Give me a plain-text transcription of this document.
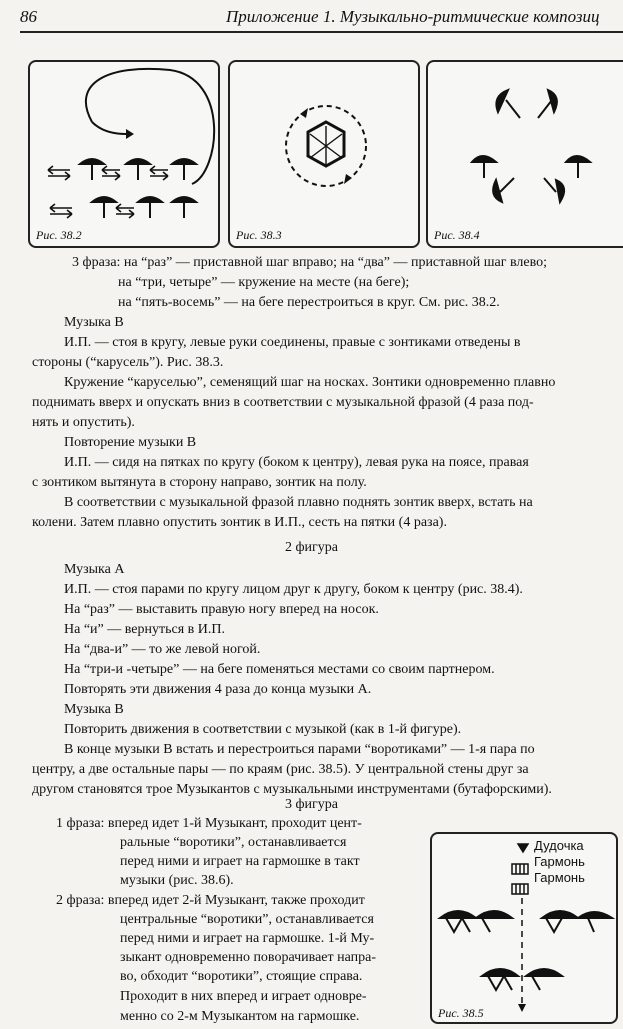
86	Приложение 1. Музыкально-ритмические композиц
Рис. 38.2	Рис. 38.3	Рис. 38.4
3 фраза: на “раз” — приставной шаг вправо; на “два” — приставной шаг влево;
на “три, четыре” — кружение на месте (на беге);
на “пять-восемь” — на беге перестроиться в круг. См. рис. 38.2.
Музыка В
И.П. — стоя в кругу, левые руки соединены, правые с зонтиками отведены в
стороны (“карусель”). Рис. 38.3.
Кружение “каруселью”, семенящий шаг на носках. Зонтики одновременно плавно
поднимать вверх и опускать вниз в соответствии с музыкальной фразой (4 раза под-
нять и опустить).
Повторение музыки В
И.П. — сидя на пятках по кругу (боком к центру), левая рука на поясе, правая
с зонтиком вытянута в сторону направо, зонтик на полу.
В соответствии с музыкальной фразой плавно поднять зонтик вверх, встать на
колени. Затем плавно опустить зонтик в И.П., сесть на пятки (4 раза).
2 фигура
Музыка А
И.П. — стоя парами по кругу лицом друг к другу, боком к центру (рис. 38.4).
На “раз” — выставить правую ногу вперед на носок.
На “и” — вернуться в И.П.
На “два-и” — то же левой ногой.
На “три-и -четыре” — на беге поменяться местами со своим партнером.
Повторять эти движения 4 раза до конца музыки А.
Музыка В
Повторить движения в соответствии с музыкой (как в 1-й фигуре).
В конце музыки В встать и перестроиться парами “воротиками” — 1-я пара по
центру, а две остальные пары — по краям (рис. 38.5). У центральной стены друг за
другом становятся трое Музыкантов с музыкальными инструментами (бутафорскими).
3 фигура
1 фраза: вперед идет 1-й Музыкант, проходит цент-
ральные “воротики”, останавливается
перед ними и играет на гармошке в такт
музыки (рис. 38.6).
2 фраза: вперед идет 2-й Музыкант, также проходит
центральные “воротики”, останавливается
перед ними и играет на гармошке. 1-й Му-
зыкант одновременно поворачивает напра-
во, обходит “воротики”, стоящие справа.
Проходит в них вперед и играет одновре-
менно со 2-м Музыкантом на гармошке.
Дудочка
Гармонь
Гармонь
Рис. 38.5
